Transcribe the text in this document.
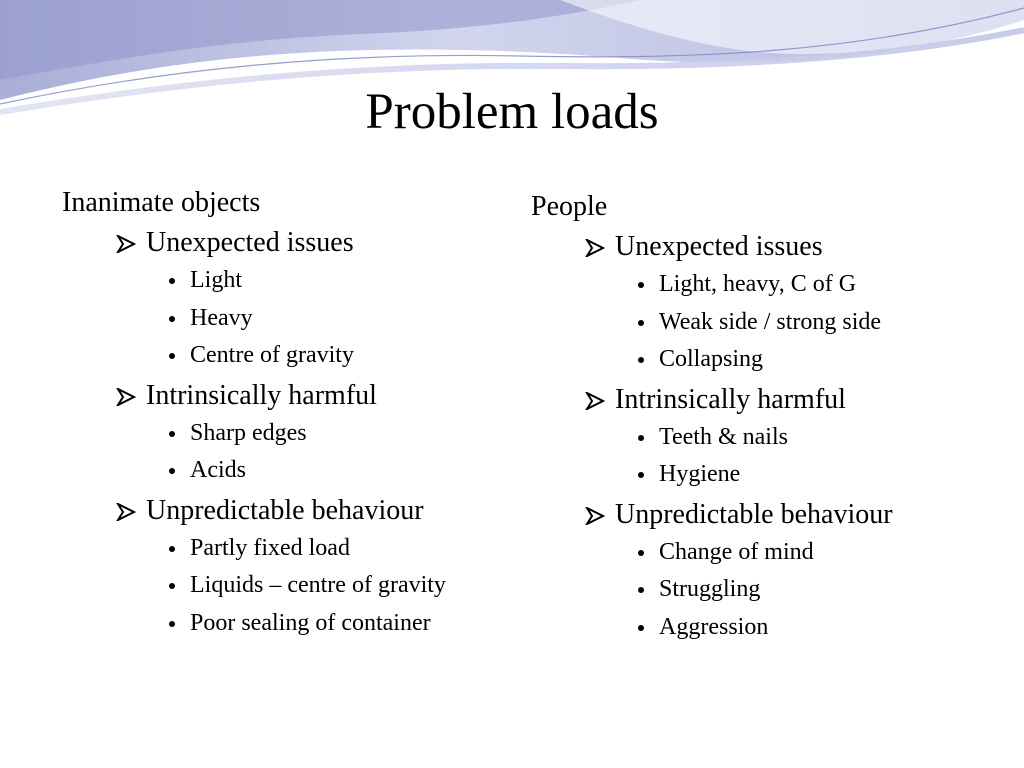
Problem loads
Inanimate objects
Unexpected issues
Light
Heavy
Centre of gravity
Intrinsically harmful
Sharp edges
Acids
Unpredictable behaviour
Partly fixed load
Liquids – centre of gravity
Poor sealing of container
People
Unexpected issues
Light, heavy, C of G
Weak side / strong side
Collapsing
Intrinsically harmful
Teeth & nails
Hygiene
Unpredictable behaviour
Change of mind
Struggling
Aggression
